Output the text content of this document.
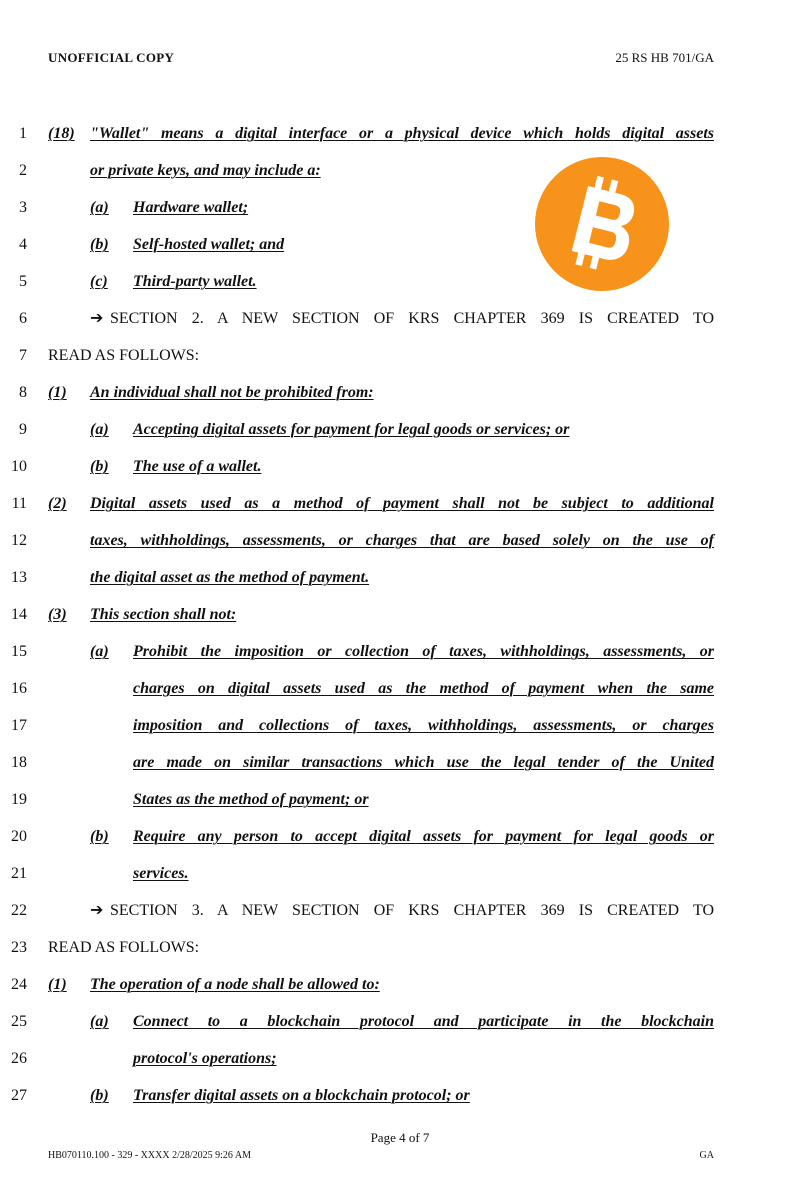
UNOFFICIAL COPY	25 RS HB 701/GA
1 (18) "Wallet" means a digital interface or a physical device which holds digital assets
2	or private keys, and may include a:
3	(a) Hardware wallet;
4	(b) Self-hosted wallet; and
5	(c) Third-party wallet.
6	➔ SECTION 2. A NEW SECTION OF KRS CHAPTER 369 IS CREATED TO
7 READ AS FOLLOWS:
8 (1) An individual shall not be prohibited from:
9	(a) Accepting digital assets for payment for legal goods or services; or
10	(b) The use of a wallet.
11 (2) Digital assets used as a method of payment shall not be subject to additional
12	taxes, withholdings, assessments, or charges that are based solely on the use of
13	the digital asset as the method of payment.
14 (3) This section shall not:
15	(a) Prohibit the imposition or collection of taxes, withholdings, assessments, or
16	charges on digital assets used as the method of payment when the same
17	imposition and collections of taxes, withholdings, assessments, or charges
18	are made on similar transactions which use the legal tender of the United
19	States as the method of payment; or
20	(b) Require any person to accept digital assets for payment for legal goods or
21	services.
22	➔ SECTION 3. A NEW SECTION OF KRS CHAPTER 369 IS CREATED TO
23 READ AS FOLLOWS:
24 (1) The operation of a node shall be allowed to:
25	(a) Connect to a blockchain protocol and participate in the blockchain
26	protocol's operations;
27	(b) Transfer digital assets on a blockchain protocol; or
Page 4 of 7
HB070110.100 - 329 - XXXX 2/28/2025 9:26 AM	GA
